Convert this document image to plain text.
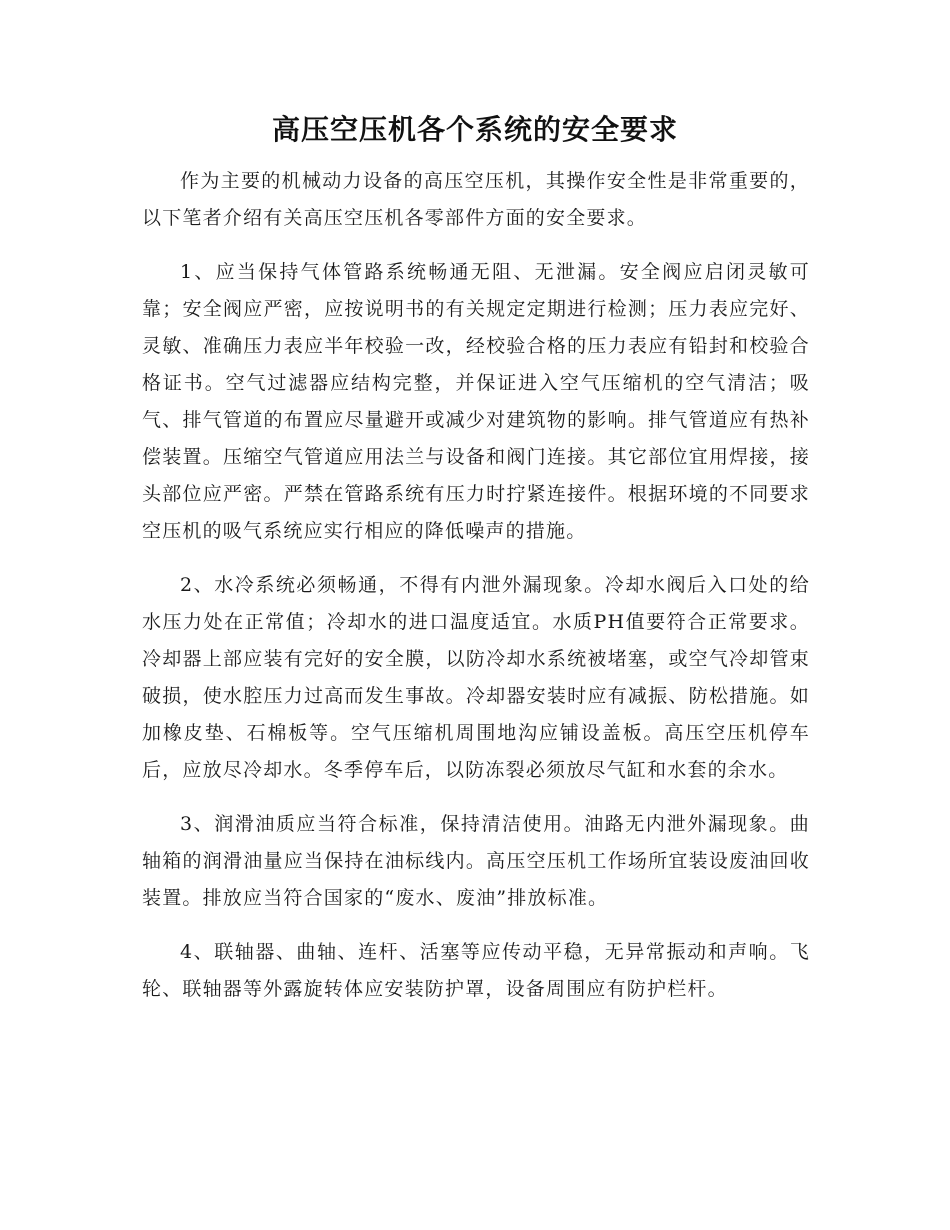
高压空压机各个系统的安全要求

作为主要的机械动力设备的高压空压机，其操作安全性是非常重要的，以下笔者介绍有关高压空压机各零部件方面的安全要求。

1、应当保持气体管路系统畅通无阻、无泄漏。安全阀应启闭灵敏可靠；安全阀应严密，应按说明书的有关规定定期进行检测；压力表应完好、灵敏、准确压力表应半年校验一改，经校验合格的压力表应有铅封和校验合格证书。空气过滤器应结构完整，并保证进入空气压缩机的空气清洁；吸气、排气管道的布置应尽量避开或减少对建筑物的影响。排气管道应有热补偿装置。压缩空气管道应用法兰与设备和阀门连接。其它部位宜用焊接，接头部位应严密。严禁在管路系统有压力时拧紧连接件。根据环境的不同要求空压机的吸气系统应实行相应的降低噪声的措施。

2、水冷系统必须畅通，不得有内泄外漏现象。冷却水阀后入口处的给水压力处在正常值；冷却水的进口温度适宜。水质PH值要符合正常要求。冷却器上部应装有完好的安全膜，以防冷却水系统被堵塞，或空气冷却管束破损，使水腔压力过高而发生事故。冷却器安装时应有减振、防松措施。如加橡皮垫、石棉板等。空气压缩机周围地沟应铺设盖板。高压空压机停车后，应放尽冷却水。冬季停车后，以防冻裂必须放尽气缸和水套的余水。

3、润滑油质应当符合标准，保持清洁使用。油路无内泄外漏现象。曲轴箱的润滑油量应当保持在油标线内。高压空压机工作场所宜装设废油回收装置。排放应当符合国家的“废水、废油”排放标准。

4、联轴器、曲轴、连杆、活塞等应传动平稳，无异常振动和声响。飞轮、联轴器等外露旋转体应安装防护罩，设备周围应有防护栏杆。
